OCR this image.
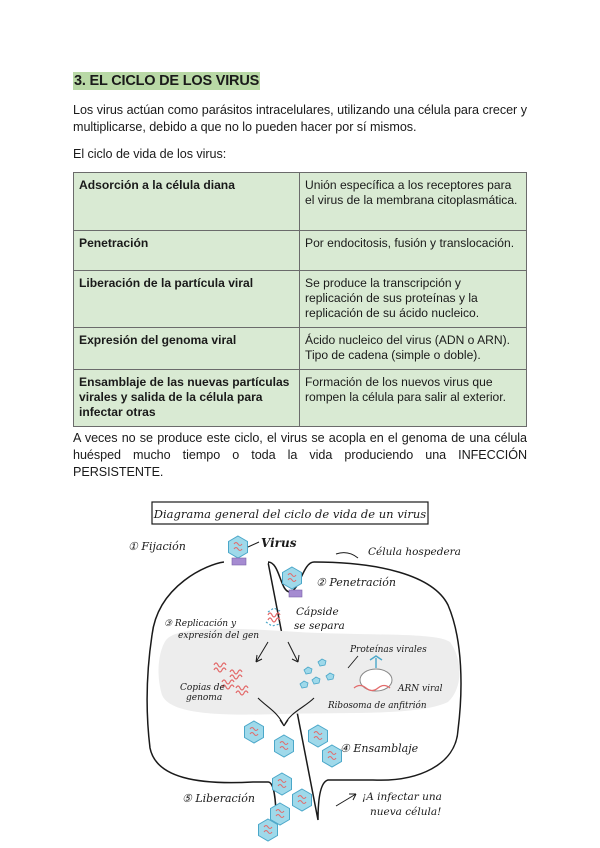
3. EL CICLO DE LOS VIRUS
Los virus actúan como parásitos intracelulares, utilizando una célula para crecer y multiplicarse, debido a que no lo pueden hacer por sí mismos.
El ciclo de vida de los virus:
Adsorción a la célula diana	Unión específica a los receptores para el virus de la membrana citoplasmática.
Penetración	Por endocitosis, fusión y translocación.
Liberación de la partícula viral	Se produce la transcripción y replicación de sus proteínas y la replicación de su ácido nucleico.
Expresión del genoma viral	Ácido nucleico del virus (ADN o ARN). Tipo de cadena (simple o doble).
Ensamblaje de las nuevas partículas virales y salida de la célula para infectar otras	Formación de los nuevos virus que rompen la célula para salir al exterior.
A veces no se produce este ciclo, el virus se acopla en el genoma de una célula huésped mucho tiempo o toda la vida produciendo una INFECCIÓN PERSISTENTE.
Diagrama general del ciclo de vida de un virus
① Fijación	Virus
Célula hospedera
② Penetración
Cápside
se separa
③ Replicación y
expresión del gen
Copias de
genoma
Proteínas virales
ARN viral
Ribosoma de anfitrión
④ Ensamblaje
⑤ Liberación	¡A infectar una
nueva célula!
